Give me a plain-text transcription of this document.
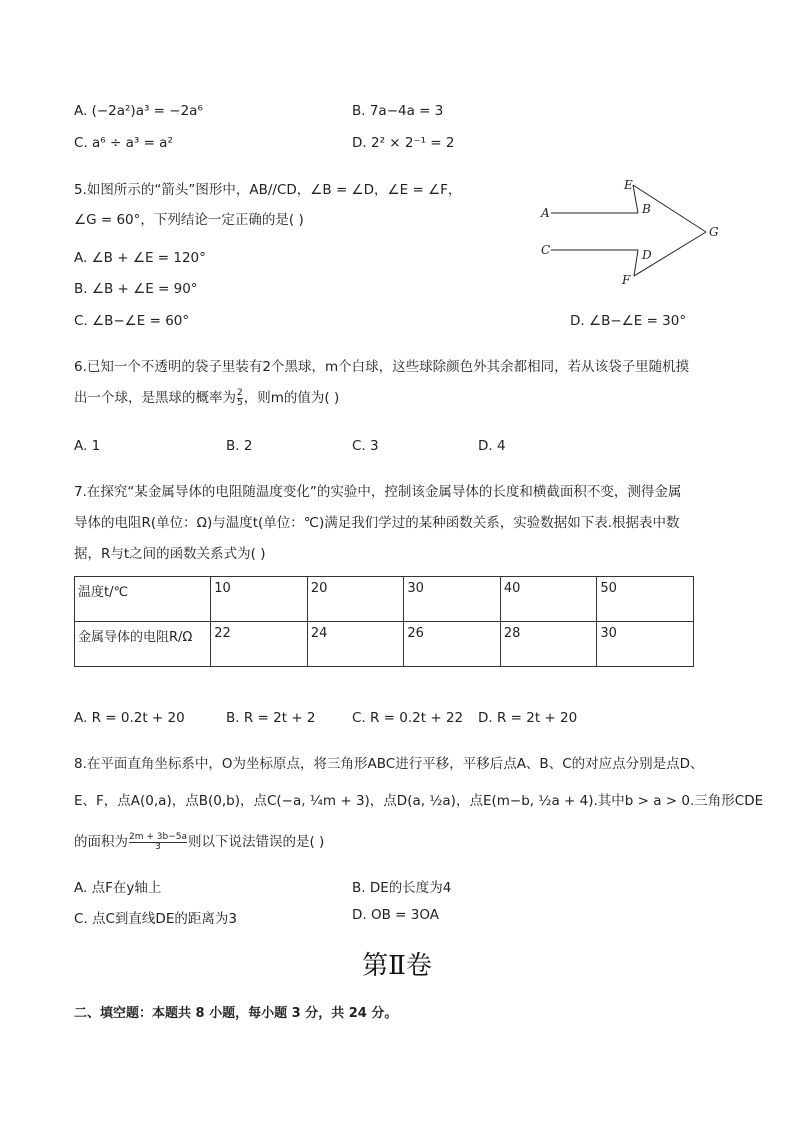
A. (−2a²)a³ = −2a⁶	B. 7a−4a = 3
C. a⁶ ÷ a³ = a²	D. 2² × 2⁻¹ = 2
5.如图所示的“箭头”图形中，AB//CD，∠B = ∠D，∠E = ∠F，
∠G = 60°，下列结论一定正确的是( )	A	B
C	D
E
F
G
A. ∠B + ∠E = 120°
B. ∠B + ∠E = 90°
C. ∠B−∠E = 60°	D. ∠B−∠E = 30°
6.已知一个不透明的袋子里装有2个黑球，m个白球，这些球除颜色外其余都相同，若从该袋子里随机摸
出一个球，是黑球的概率为 $\frac{2}{5}$ ，则m的值为( )
A. 1	B. 2	C. 3	D. 4
7.在探究“某金属导体的电阻随温度变化”的实验中，控制该金属导体的长度和横截面积不变，测得金属
导体的电阻R(单位：Ω)与温度t(单位：℃)满足我们学过的某种函数关系，实验数据如下表.根据表中数
据，R与t之间的函数关系式为( )
温度t/℃	10	20	30	40	50
金属导体的电阻R/Ω	22	24	26	28	30
A. R = 0.2t + 20	B. R = 2t + 2	C. R = 0.2t + 22 D. R = 2t + 20
8.在平面直角坐标系中，O为坐标原点，将三角形ABC进行平移，平移后点A、B、C的对应点分别是点D、
E、F，点A(0,a)，点B(0,b)，点C(−a, ¼m + 3)，点D(a, ½a)，点E(m−b, ½a + 4).其中b > a > 0.三角形CDE
的面积为 $\frac{2m + 3b-5a}{3}$ 则以下说法错误的是( )
A. 点F在y轴上	B. DE的长度为4
C. 点C到直线DE的距离为3	D. OB = 3OA
第Ⅱ卷
二、填空题：本题共 8 小题，每小题 3 分，共 24 分。
